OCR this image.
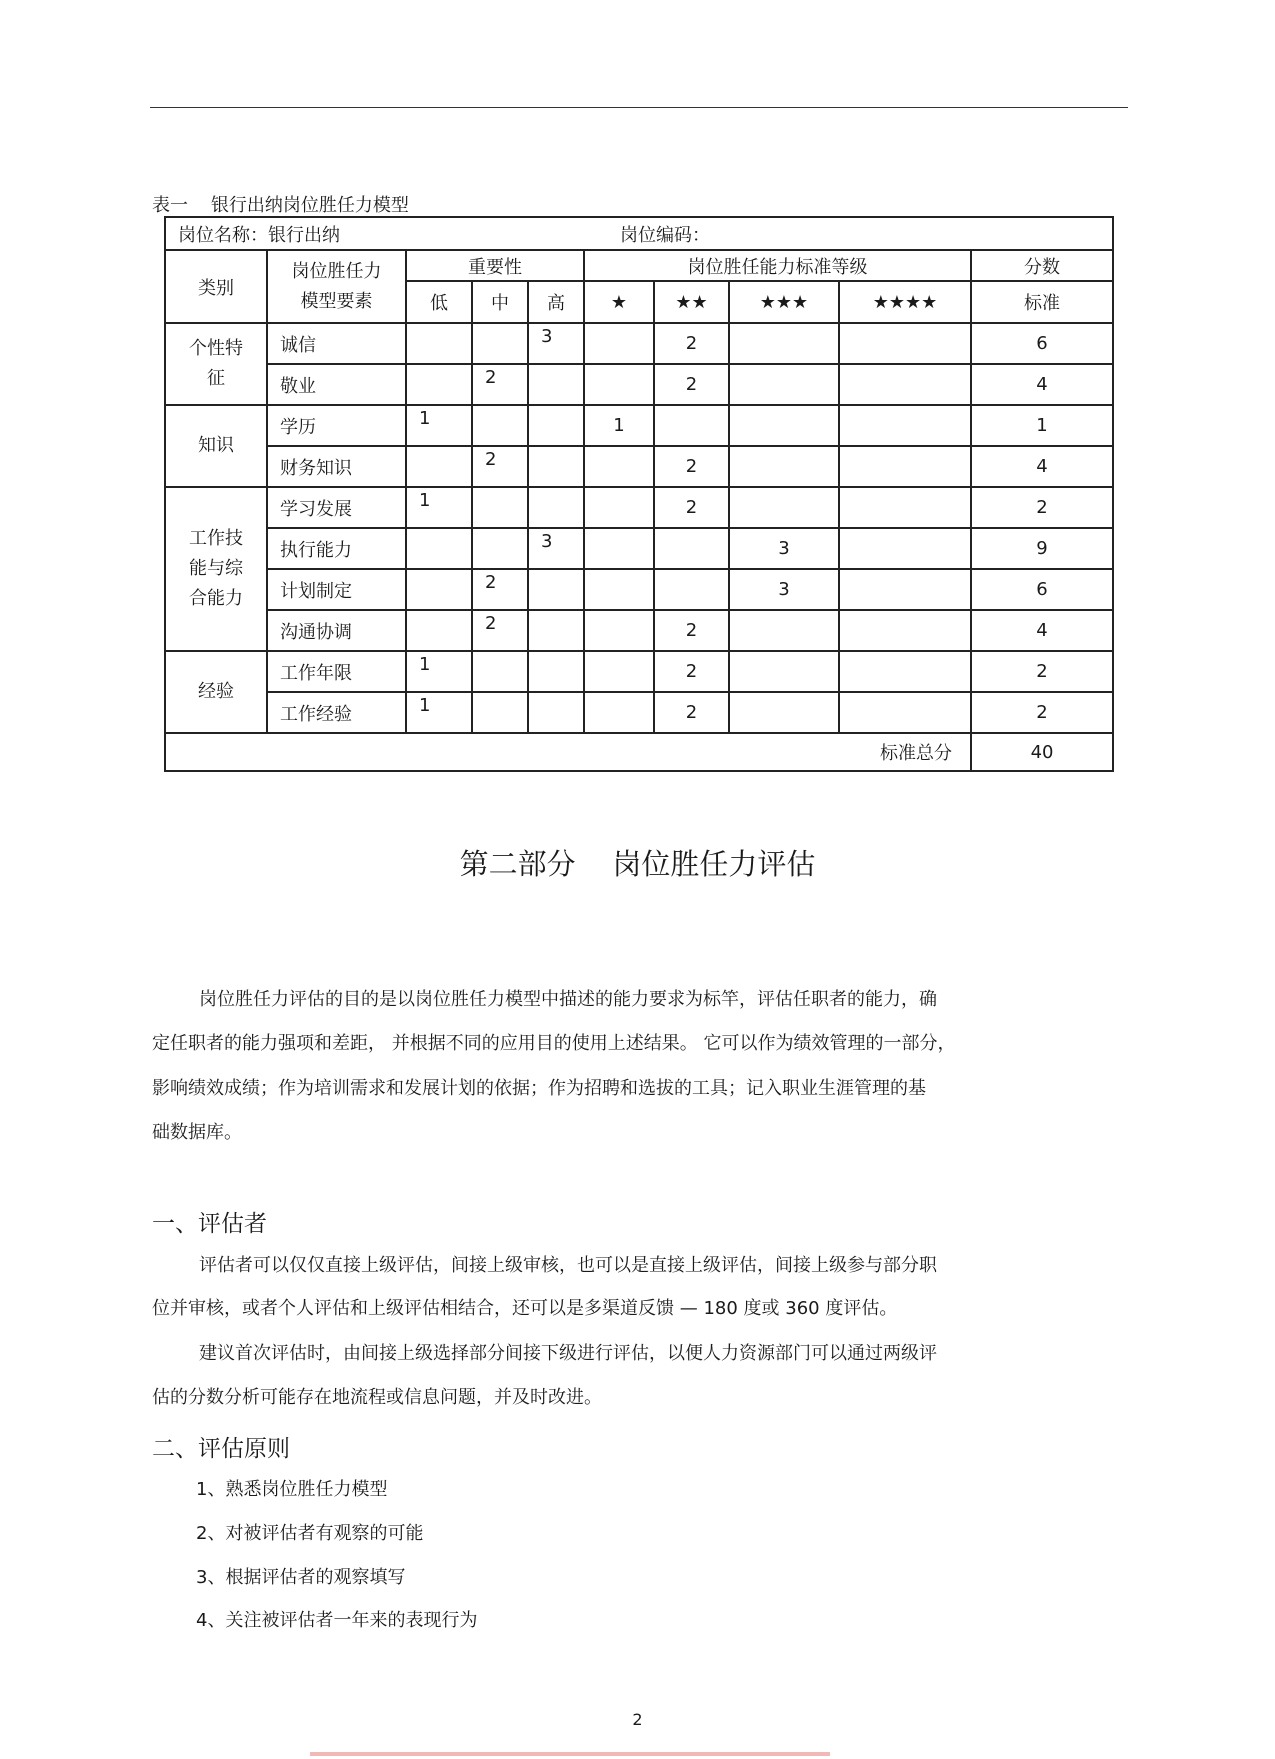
表一    银行出纳岗位胜任力模型
岗位名称：银行出纳 岗位编码：									
类别	岗位胜任力
模型要素	重要性			岗位胜任能力标准等级				分数
		低	中	高	★	★★	★★★	★★★★	标准
个性特
征	诚信			3		2			6
	敬业		2			2			4
知识	学历	1			1				1
	财务知识		2			2			4
工作技
能与综
合能力	学习发展	1				2			2
	执行能力			3			3		9
	计划制定		2				3		6
	沟通协调		2			2			4
经验	工作年限	1				2			2
	工作经验	1				2			2
标准总分									40
第二部分    岗位胜任力评估
岗位胜任力评估的目的是以岗位胜任力模型中描述的能力要求为标竿，评估任职者的能力，确
定任职者的能力强项和差距， 并根据不同的应用目的使用上述结果。 它可以作为绩效管理的一部分，
影响绩效成绩；作为培训需求和发展计划的依据；作为招聘和选拔的工具；记入职业生涯管理的基
础数据库。
一、评估者
评估者可以仅仅直接上级评估，间接上级审核，也可以是直接上级评估，间接上级参与部分职
位并审核，或者个人评估和上级评估相结合，还可以是多渠道反馈 — 180 度或 360 度评估。
建议首次评估时，由间接上级选择部分间接下级进行评估，以便人力资源部门可以通过两级评
估的分数分析可能存在地流程或信息问题，并及时改进。
二、评估原则
1、熟悉岗位胜任力模型
2、对被评估者有观察的可能
3、根据评估者的观察填写
4、关注被评估者一年来的表现行为
2
